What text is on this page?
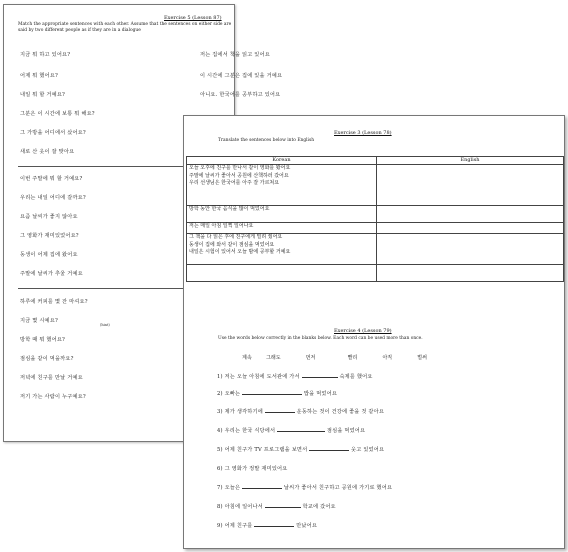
Exercise 5 (Lesson 87)
Match the appropriate sentences with each other. Assume that the sentences on either side are
said by two different people as if they are in a dialogue
지금 뭐 하고 있어요?
어제 뭐 했어요?
내일 뭐 할 거예요?
그분은 이 시간에 보통 뭐 해요?
그 가방을 어디에서 샀어요?
새로 산 옷이 잘 맞아요
저는 집에서 책을 읽고 있어요
이 시간에 그분은 집에 있을 거예요
아니요. 한국어를 공부하고 있어요
이번 주말에 뭐 할 거예요?
우리는 내일 어디에 갈까요?
요즘 날씨가 좋지 않아요
그 영화가 재미있었어요?
동생이 어제 집에 왔어요
주말에 날씨가 추울 거예요
하루에 커피를 몇 잔 마셔요?
지금 몇 시예요?
(hint)
방학 때 뭐 했어요?
점심을 같이 먹을까요?
저녁에 친구를 만날 거예요
저기 가는 사람이 누구예요?
Exercise 3 (Lesson 78)
Translate the sentences below into English
Korean	English

오늘 오후에 친구를 만나서 같이 영화를 봤어요
주말에 날씨가 좋아서 공원에 산책하러 갔어요
우리 선생님은 한국어를 아주 잘 가르쳐요	

방학 동안 한국 음식을 많이 먹었어요	
저는 매일 아침 일찍 일어나요	

그 책을 다 읽은 후에 친구에게 빌려 줬어요
동생이 집에 와서 같이 점심을 먹었어요
내일은 시험이 있어서 오늘 밤에 공부할 거예요	

Exercise 4 (Lesson 79)
Use the words below correctly in the blanks below. Each word can be used more than once.
계속	그래도	먼저	빨리	아직	벌써
1) 저는 오늘 아침에 도서관에 가서	숙제를 했어요
2) 오빠는	밥을 먹었어요
3) 제가 생각하기에	운동하는 것이 건강에 좋을 것 같아요
4) 우리는 한국 식당에서	점심을 먹었어요
5) 어제 친구가 TV 프로그램을 보면서	웃고 있었어요
6) 그 영화가 정말 재미있어요
7) 오늘은	날씨가 좋아서 친구하고 공원에 가기로 했어요
8) 아침에 일어나서	학교에 갔어요
9) 어제 친구를	만났어요
